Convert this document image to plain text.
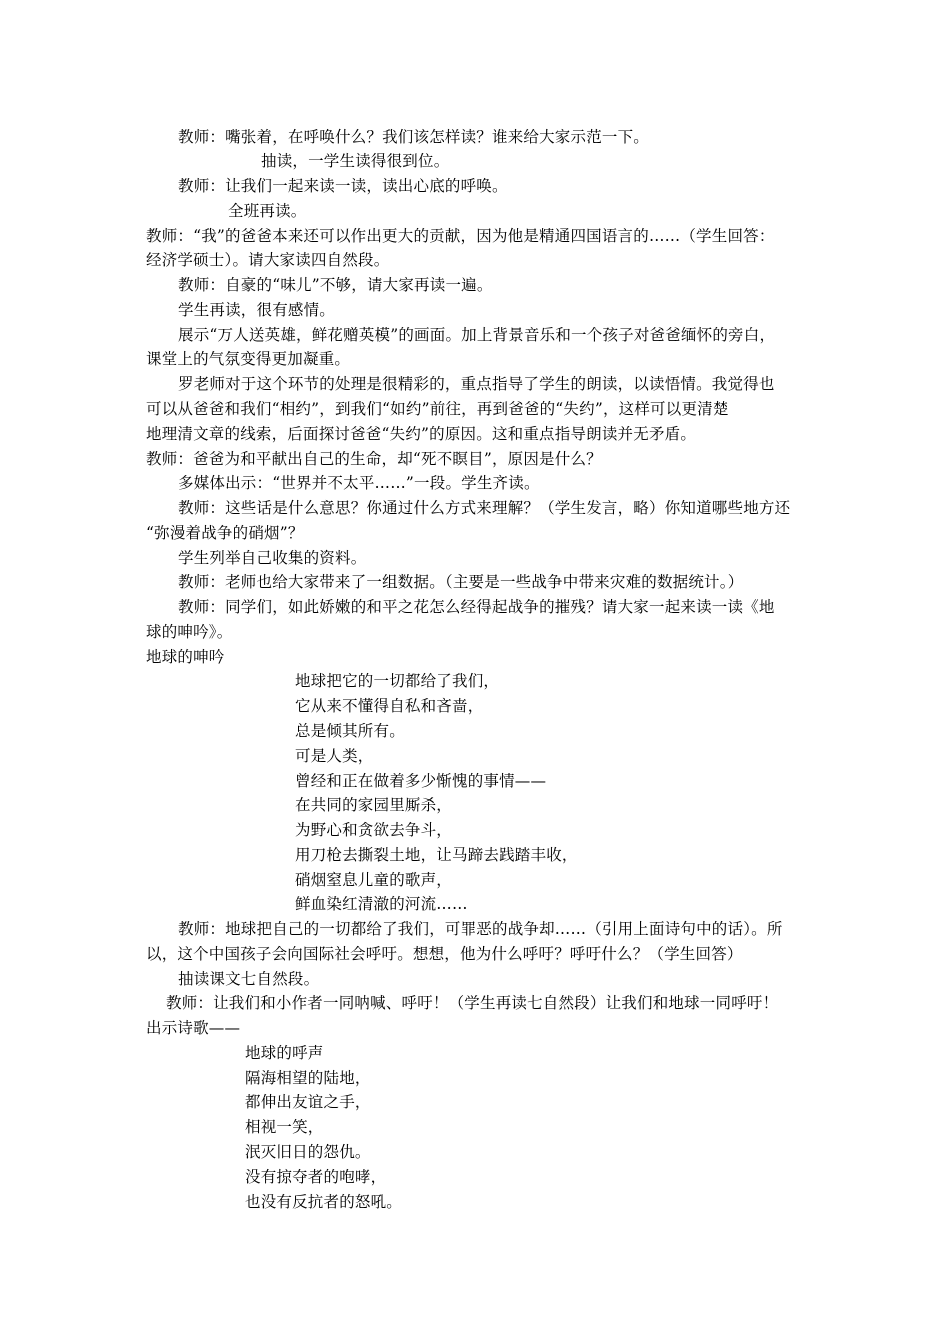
教师：嘴张着，在呼唤什么？我们该怎样读？谁来给大家示范一下。
抽读，一学生读得很到位。
教师：让我们一起来读一读，读出心底的呼唤。
全班再读。
教师：“我”的爸爸本来还可以作出更大的贡献，因为他是精通四国语言的……（学生回答：
经济学硕士）。请大家读四自然段。
教师：自豪的“味儿”不够，请大家再读一遍。
学生再读，很有感情。
展示“万人送英雄，鲜花赠英模”的画面。加上背景音乐和一个孩子对爸爸缅怀的旁白，
课堂上的气氛变得更加凝重。
罗老师对于这个环节的处理是很精彩的，重点指导了学生的朗读，以读悟情。我觉得也
可以从爸爸和我们“相约”，到我们“如约”前往，再到爸爸的“失约”，这样可以更清楚
地理清文章的线索，后面探讨爸爸“失约”的原因。这和重点指导朗读并无矛盾。
教师：爸爸为和平献出自己的生命，却“死不瞑目”，原因是什么？
多媒体出示：“世界并不太平……”一段。学生齐读。
教师：这些话是什么意思？你通过什么方式来理解？（学生发言，略）你知道哪些地方还
“弥漫着战争的硝烟”？
学生列举自己收集的资料。
教师：老师也给大家带来了一组数据。（主要是一些战争中带来灾难的数据统计。）
教师：同学们，如此娇嫩的和平之花怎么经得起战争的摧残？请大家一起来读一读《地
球的呻吟》。
地球的呻吟
地球把它的一切都给了我们，
它从来不懂得自私和吝啬，
总是倾其所有。
可是人类，
曾经和正在做着多少惭愧的事情——
在共同的家园里厮杀，
为野心和贪欲去争斗，
用刀枪去撕裂土地，让马蹄去践踏丰收，
硝烟窒息儿童的歌声，
鲜血染红清澈的河流……
教师：地球把自己的一切都给了我们，可罪恶的战争却……（引用上面诗句中的话）。所
以，这个中国孩子会向国际社会呼吁。想想，他为什么呼吁？呼吁什么？（学生回答）
抽读课文七自然段。
教师：让我们和小作者一同呐喊、呼吁！（学生再读七自然段）让我们和地球一同呼吁！
出示诗歌——
地球的呼声
隔海相望的陆地，
都伸出友谊之手，
相视一笑，
泯灭旧日的怨仇。
没有掠夺者的咆哮，
也没有反抗者的怒吼。
